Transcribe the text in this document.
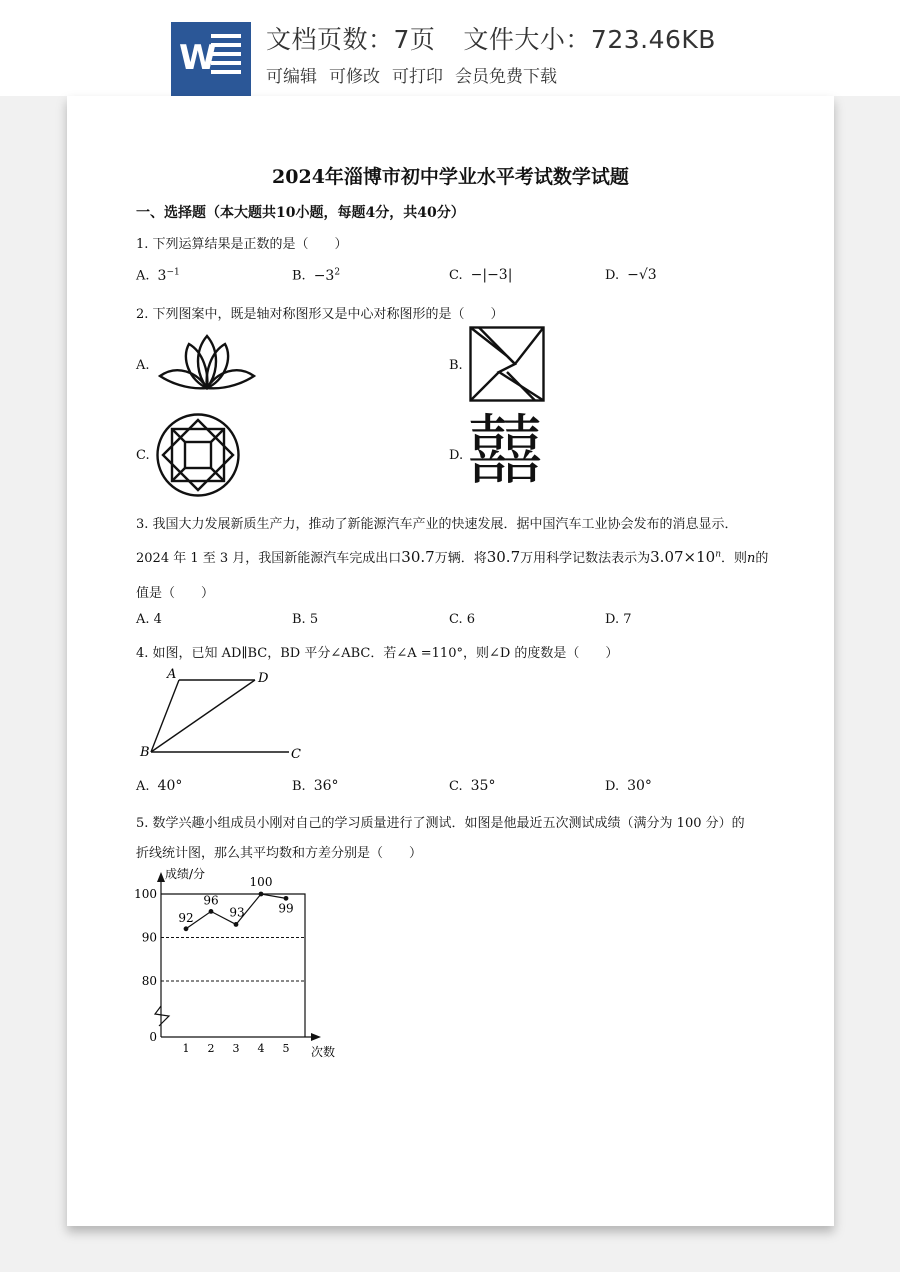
W 文档页数：7页 文件大小：723.46KB
可编辑 可修改 可打印 会员免费下载
2024年淄博市初中学业水平考试数学试题
一、选择题（本大题共10小题，每题4分，共40分）
1. 下列运算结果是正数的是（　　）
A. $3^{-1}$	B. $-3^2$	C. −|−3|	D. −√3
2. 下列图案中，既是轴对称图形又是中心对称图形的是（　　）
A.	B.
C.	D. 囍
3. 我国大力发展新质生产力，推动了新能源汽车产业的快速发展．据中国汽车工业协会发布的消息显示．
2024 年 1 至 3 月，我国新能源汽车完成出口30.7万辆．将30.7万用科学记数法表示为$3.07\times 10^n$．则n的
值是（　　）
A. 4	B. 5	C. 6	D. 7
4. 如图，已知 AD∥BC，BD 平分∠ABC．若∠A =110°，则∠D 的度数是（　　）
A	D
B	C
A. 40°	B. 36°	C. 35°	D. 30°
5. 数学兴趣小组成员小刚对自己的学习质量进行了测试．如图是他最近五次测试成绩（满分为 100 分）的
折线统计图，那么其平均数和方差分别是（　　）
100
90
80
0
1 2 3 4 5
成绩/分
次数
92
96
93
100
99
